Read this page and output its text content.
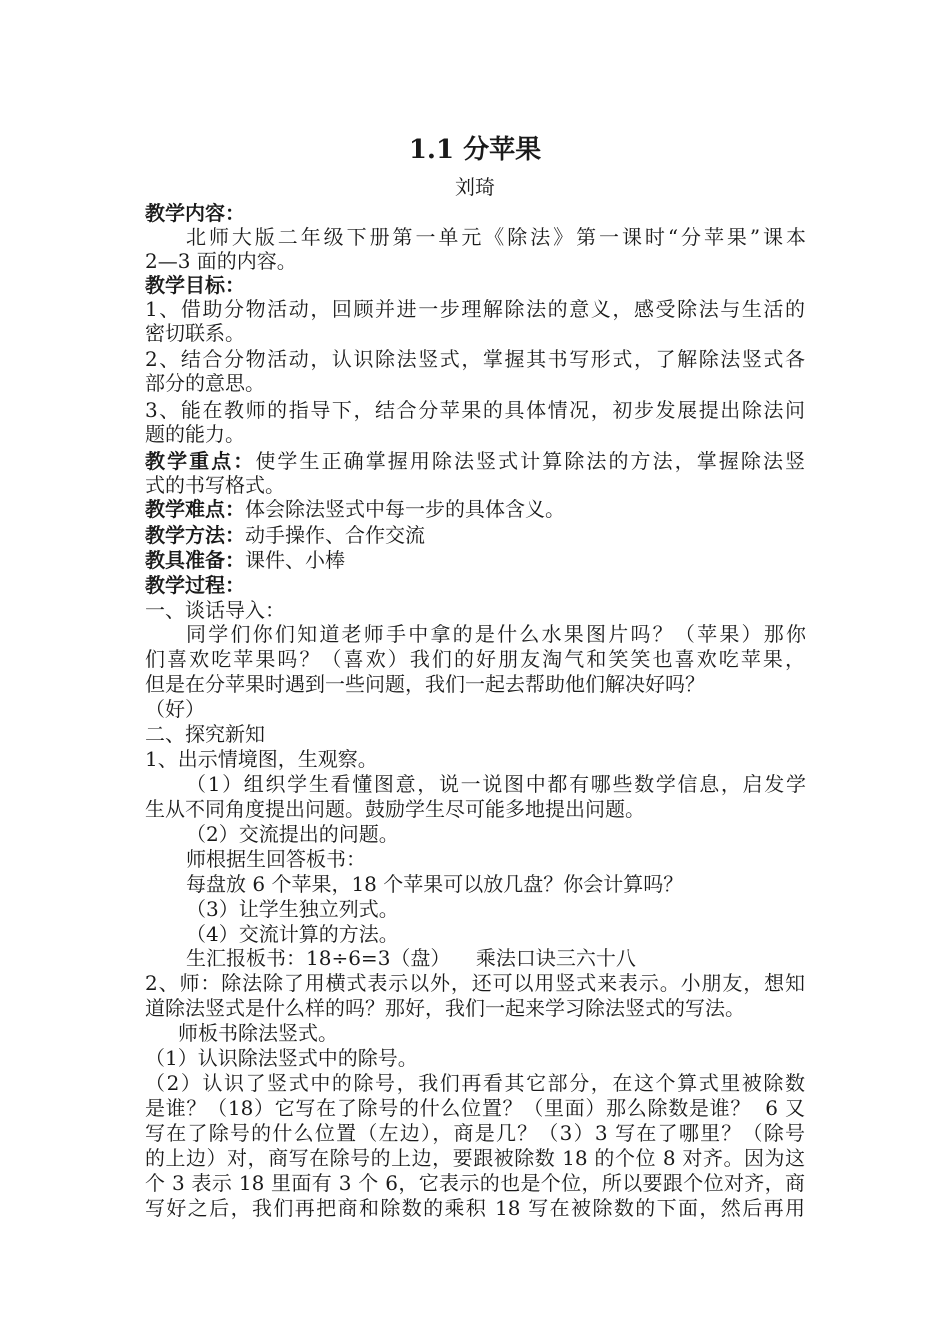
1.1 分苹果
刘琦
教学内容：
北师大版二年级下册第一单元《除法》第一课时“分苹果”课本
2—3 面的内容。
教学目标：
1、借助分物活动，回顾并进一步理解除法的意义，感受除法与生活的
密切联系。
2、结合分物活动，认识除法竖式，掌握其书写形式，了解除法竖式各
部分的意思。
3、能在教师的指导下，结合分苹果的具体情况，初步发展提出除法问
题的能力。
教学重点：使学生正确掌握用除法竖式计算除法的方法，掌握除法竖
式的书写格式。
教学难点：体会除法竖式中每一步的具体含义。
教学方法：动手操作、合作交流
教具准备：课件、小棒
教学过程：
一、谈话导入：
同学们你们知道老师手中拿的是什么水果图片吗？（苹果）那你
们喜欢吃苹果吗？（喜欢）我们的好朋友淘气和笑笑也喜欢吃苹果，
但是在分苹果时遇到一些问题，我们一起去帮助他们解决好吗？
（好）
二、探究新知
1、出示情境图，生观察。
（1）组织学生看懂图意，说一说图中都有哪些数学信息，启发学
生从不同角度提出问题。鼓励学生尽可能多地提出问题。
（2）交流提出的问题。
师根据生回答板书：
每盘放 6 个苹果，18 个苹果可以放几盘？你会计算吗？
（3）让学生独立列式。
（4）交流计算的方法。
生汇报板书：18÷6=3（盘）    乘法口诀三六十八
2、师：除法除了用横式表示以外，还可以用竖式来表示。小朋友，想知
道除法竖式是什么样的吗？那好，我们一起来学习除法竖式的写法。
师板书除法竖式。
（1）认识除法竖式中的除号。
（2）认识了竖式中的除号，我们再看其它部分，在这个算式里被除数
是谁？（18）它写在了除号的什么位置？（里面）那么除数是谁？  6 又
写在了除号的什么位置（左边），商是几？（3）3 写在了哪里？（除号
的上边）对，商写在除号的上边，要跟被除数 18 的个位 8 对齐。因为这
个 3 表示 18 里面有 3 个 6，它表示的也是个位，所以要跟个位对齐，商
写好之后，我们再把商和除数的乘积 18 写在被除数的下面，然后再用
